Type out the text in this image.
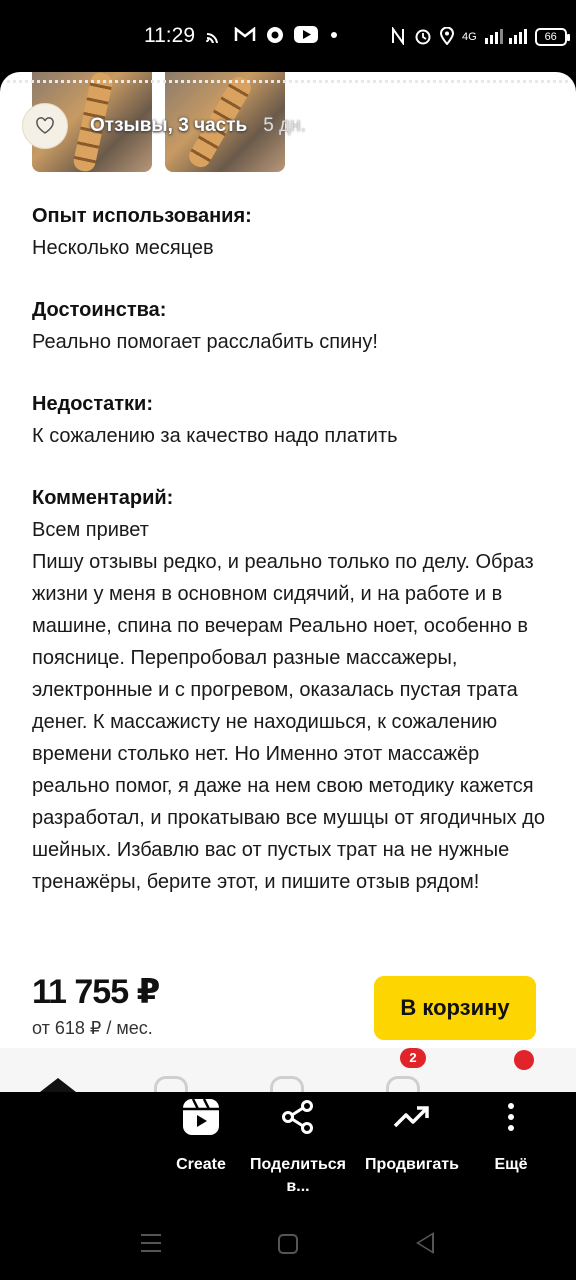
11:29	4G	66
Отзывы, 3 часть 5 дн.
Опыт использования:
Несколько месяцев
Достоинства:
Реально помогает расслабить спину!
Недостатки:
К сожалению за качество надо платить
Комментарий:
Всем привет
Пишу отзывы редко, и реально только по делу. Образ жизни у меня в основном сидячий, и на работе и в машине, спина по вечерам Реально ноет, особенно в пояснице. Перепробовал разные массажеры, электронные и с прогревом, оказалась пустая трата денег. К массажисту не находишься, к сожалению времени столько нет. Но Именно этот массажёр реально помог, я даже на нем свою методику кажется разработал, и прокатываю все мушцы от ягодичных до шейных. Избавлю вас от пустых трат на не нужные тренажёры, берите этот, и пишите отзыв рядом!
11 755 ₽
от 618 ₽ / мес.
В корзину
2
Create	Поделиться в...
Продвигать	Ещё
